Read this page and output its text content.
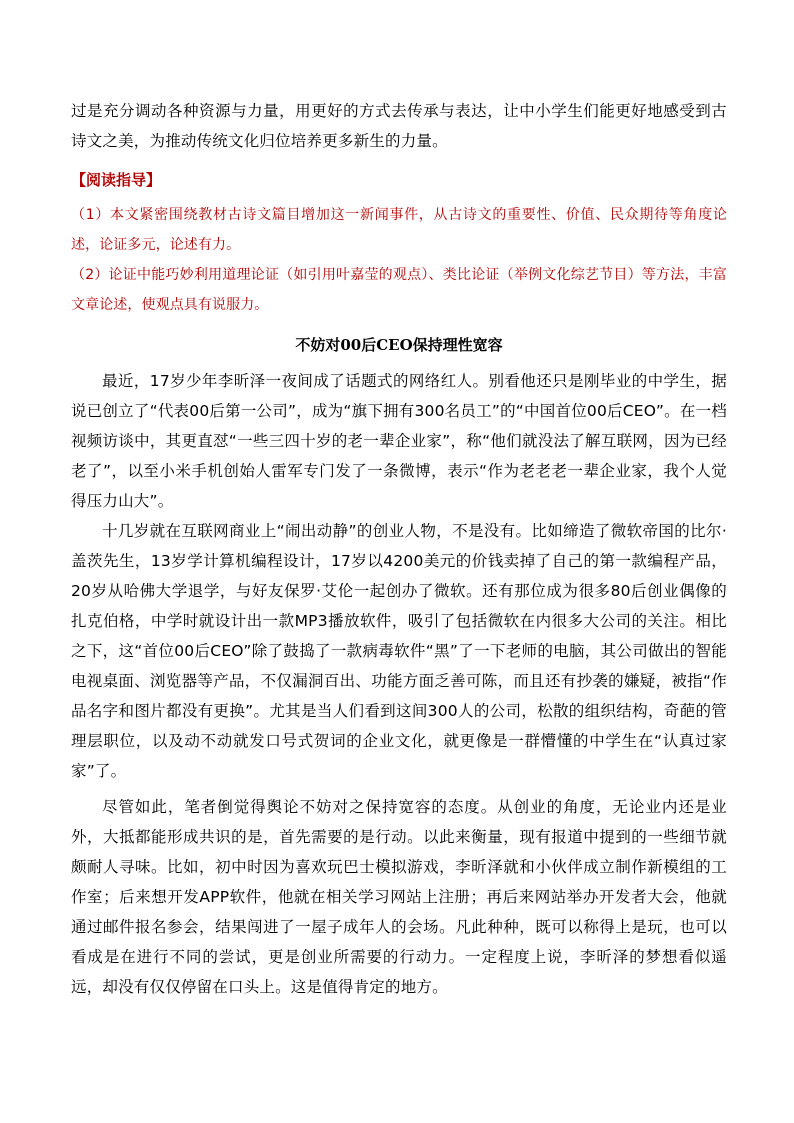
过是充分调动各种资源与力量，用更好的方式去传承与表达，让中小学生们能更好地感受到古诗文之美，为推动传统文化归位培养更多新生的力量。

【阅读指导】

（1）本文紧密围绕教材古诗文篇目增加这一新闻事件，从古诗文的重要性、价值、民众期待等角度论述，论证多元，论述有力。

（2）论证中能巧妙利用道理论证（如引用叶嘉莹的观点）、类比论证（举例文化综艺节目）等方法，丰富文章论述，使观点具有说服力。

不妨对00后CEO保持理性宽容

最近，17岁少年李昕泽一夜间成了话题式的网络红人。别看他还只是刚毕业的中学生，据说已创立了“代表00后第一公司”，成为“旗下拥有300名员工”的“中国首位00后CEO”。在一档视频访谈中，其更直怼“一些三四十岁的老一辈企业家”，称“他们就没法了解互联网，因为已经老了”，以至小米手机创始人雷军专门发了一条微博，表示“作为老老老一辈企业家，我个人觉得压力山大”。

十几岁就在互联网商业上“闹出动静”的创业人物，不是没有。比如缔造了微软帝国的比尔·盖茨先生，13岁学计算机编程设计，17岁以4200美元的价钱卖掉了自己的第一款编程产品，20岁从哈佛大学退学，与好友保罗·艾伦一起创办了微软。还有那位成为很多80后创业偶像的扎克伯格，中学时就设计出一款MP3播放软件，吸引了包括微软在内很多大公司的关注。相比之下，这“首位00后CEO”除了鼓捣了一款病毒软件“黑”了一下老师的电脑，其公司做出的智能电视桌面、浏览器等产品，不仅漏洞百出、功能方面乏善可陈，而且还有抄袭的嫌疑，被指“作品名字和图片都没有更换”。尤其是当人们看到这间300人的公司，松散的组织结构，奇葩的管理层职位，以及动不动就发口号式贺词的企业文化，就更像是一群懵懂的中学生在“认真过家家”了。

尽管如此，笔者倒觉得舆论不妨对之保持宽容的态度。从创业的角度，无论业内还是业外，大抵都能形成共识的是，首先需要的是行动。以此来衡量，现有报道中提到的一些细节就颇耐人寻味。比如，初中时因为喜欢玩巴士模拟游戏，李昕泽就和小伙伴成立制作新模组的工作室；后来想开发APP软件，他就在相关学习网站上注册；再后来网站举办开发者大会，他就通过邮件报名参会，结果闯进了一屋子成年人的会场。凡此种种，既可以称得上是玩，也可以看成是在进行不同的尝试，更是创业所需要的行动力。一定程度上说，李昕泽的梦想看似遥远，却没有仅仅停留在口头上。这是值得肯定的地方。
